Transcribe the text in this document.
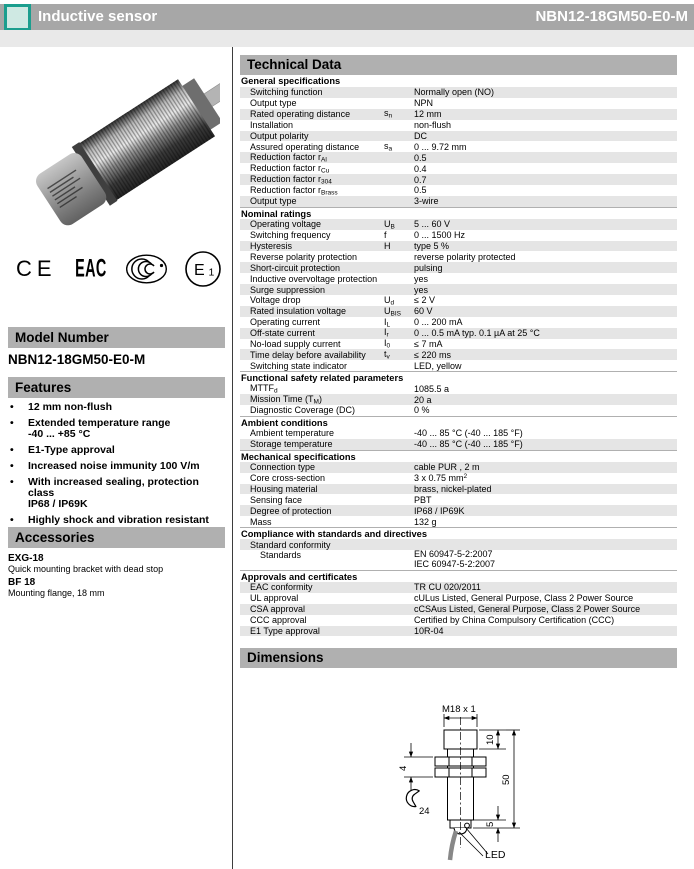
Inductive sensor	NBN12-18GM50-E0-M
CE EAC	E 1
Model Number
NBN12-18GM50-E0-M
Features
•	12 mm non-flush
•	Extended temperature range
-40 ... +85 °C
•	E1-Type approval
•	Increased noise immunity 100 V/m
•	With increased sealing, protection
class
IP68 / IP69K
•	Highly shock and vibration resistant
Accessories
EXG-18
Quick mounting bracket with dead stop
BF 18
Mounting flange, 18 mm
Technical Data
General specifications
Switching function	Normally open (NO)
Output type	NPN
Rated operating distance	$s_n$	12 mm
Installation	non-flush
Output polarity	DC
Assured operating distance	$s_a$	0 ... 9.72 mm
Reduction factor $r_{Al}$	0.5
Reduction factor $r_{Cu}$	0.4
Reduction factor $r_{304}$	0.7
Reduction factor $r_{Brass}$	0.5
Output type	3-wire
Nominal ratings
Operating voltage	$U_B$	5 ... 60 V
Switching frequency	f	0 ... 1500 Hz
Hysteresis	H	type 5 %
Reverse polarity protection	reverse polarity protected
Short-circuit protection	pulsing
Inductive overvoltage protection	yes
Surge suppression	yes
Voltage drop	$U_d$	≤ 2 V
Rated insulation voltage	$U_{BIS}$	60 V
Operating current	$I_L$	0 ... 200 mA
Off-state current	$I_r$	0 ... 0.5 mA typ. 0.1 µA at 25 °C
No-load supply current	$I_0$	≤ 7 mA
Time delay before availability	$t_v$	≤ 220 ms
Switching state indicator	LED, yellow
Functional safety related parameters
$MTTF_d$	1085.5 a
Mission Time $(T_M)$	20 a
Diagnostic Coverage (DC)	0 %
Ambient conditions
Ambient temperature	-40 ... 85 °C (-40 ... 185 °F)
Storage temperature	-40 ... 85 °C (-40 ... 185 °F)
Mechanical specifications
Connection type	cable PUR , 2 m
Core cross-section	3 x 0.75 $mm^2$
Housing material	brass, nickel-plated
Sensing face	PBT
Degree of protection	IP68 / IP69K
Mass	132 g
Compliance with standards and directives
Standard conformity
Standards	EN 60947-5-2:2007
IEC 60947-5-2:2007
Approvals and certificates
EAC conformity	TR CU 020/2011
UL approval	cULus Listed, General Purpose, Class 2 Power Source
CSA approval	cCSAus Listed, General Purpose, Class 2 Power Source
CCC approval	Certified by China Compulsory Certification (CCC)
E1 Type approval	10R-04
Dimensions
M18 x 1
10
50
5
4
24
LED
